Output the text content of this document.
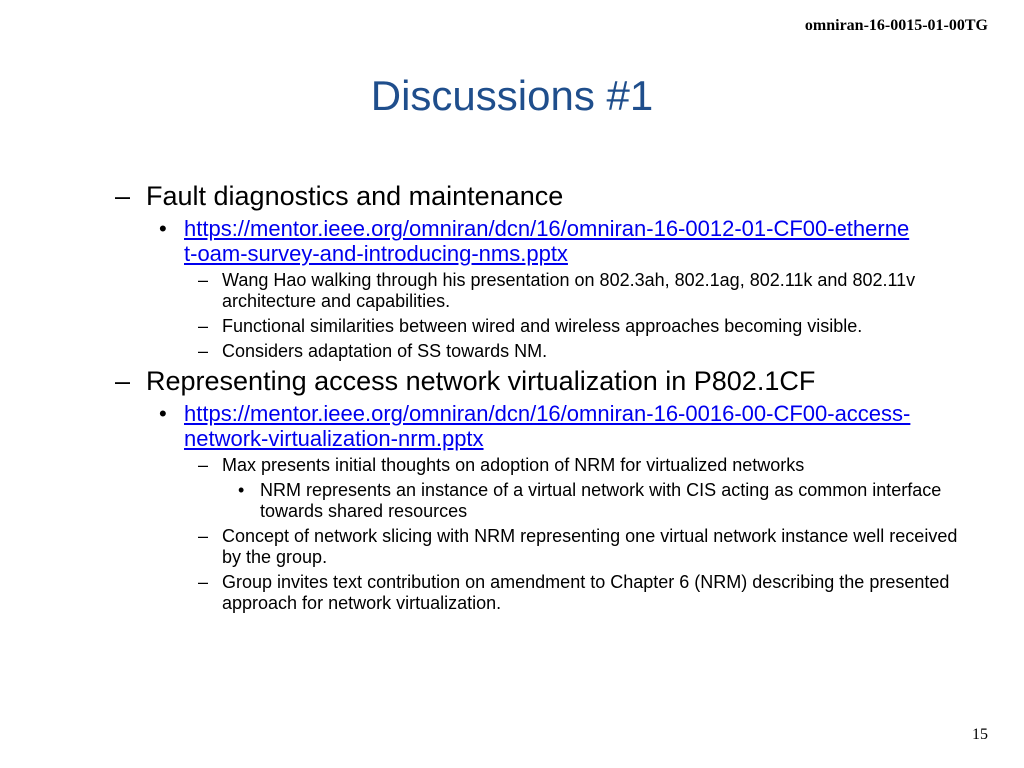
omniran-16-0015-01-00TG
Discussions #1
– Fault diagnostics and maintenance
• https://mentor.ieee.org/omniran/dcn/16/omniran-16-0012-01-CF00-ethernet-oam-survey-and-introducing-nms.pptx
– Wang Hao walking through his presentation on 802.3ah, 802.1ag, 802.11k and 802.11v architecture and capabilities.
– Functional similarities between wired and wireless approaches becoming visible.
– Considers adaptation of SS towards NM.
– Representing access network virtualization in P802.1CF
• https://mentor.ieee.org/omniran/dcn/16/omniran-16-0016-00-CF00-access-network-virtualization-nrm.pptx
– Max presents initial thoughts on adoption of NRM for virtualized networks
• NRM represents an instance of a virtual network with CIS acting as common interface towards shared resources
– Concept of network slicing with NRM representing one virtual network instance well received by the group.
– Group invites text contribution on amendment to Chapter 6 (NRM) describing the presented approach for network virtualization.
15
